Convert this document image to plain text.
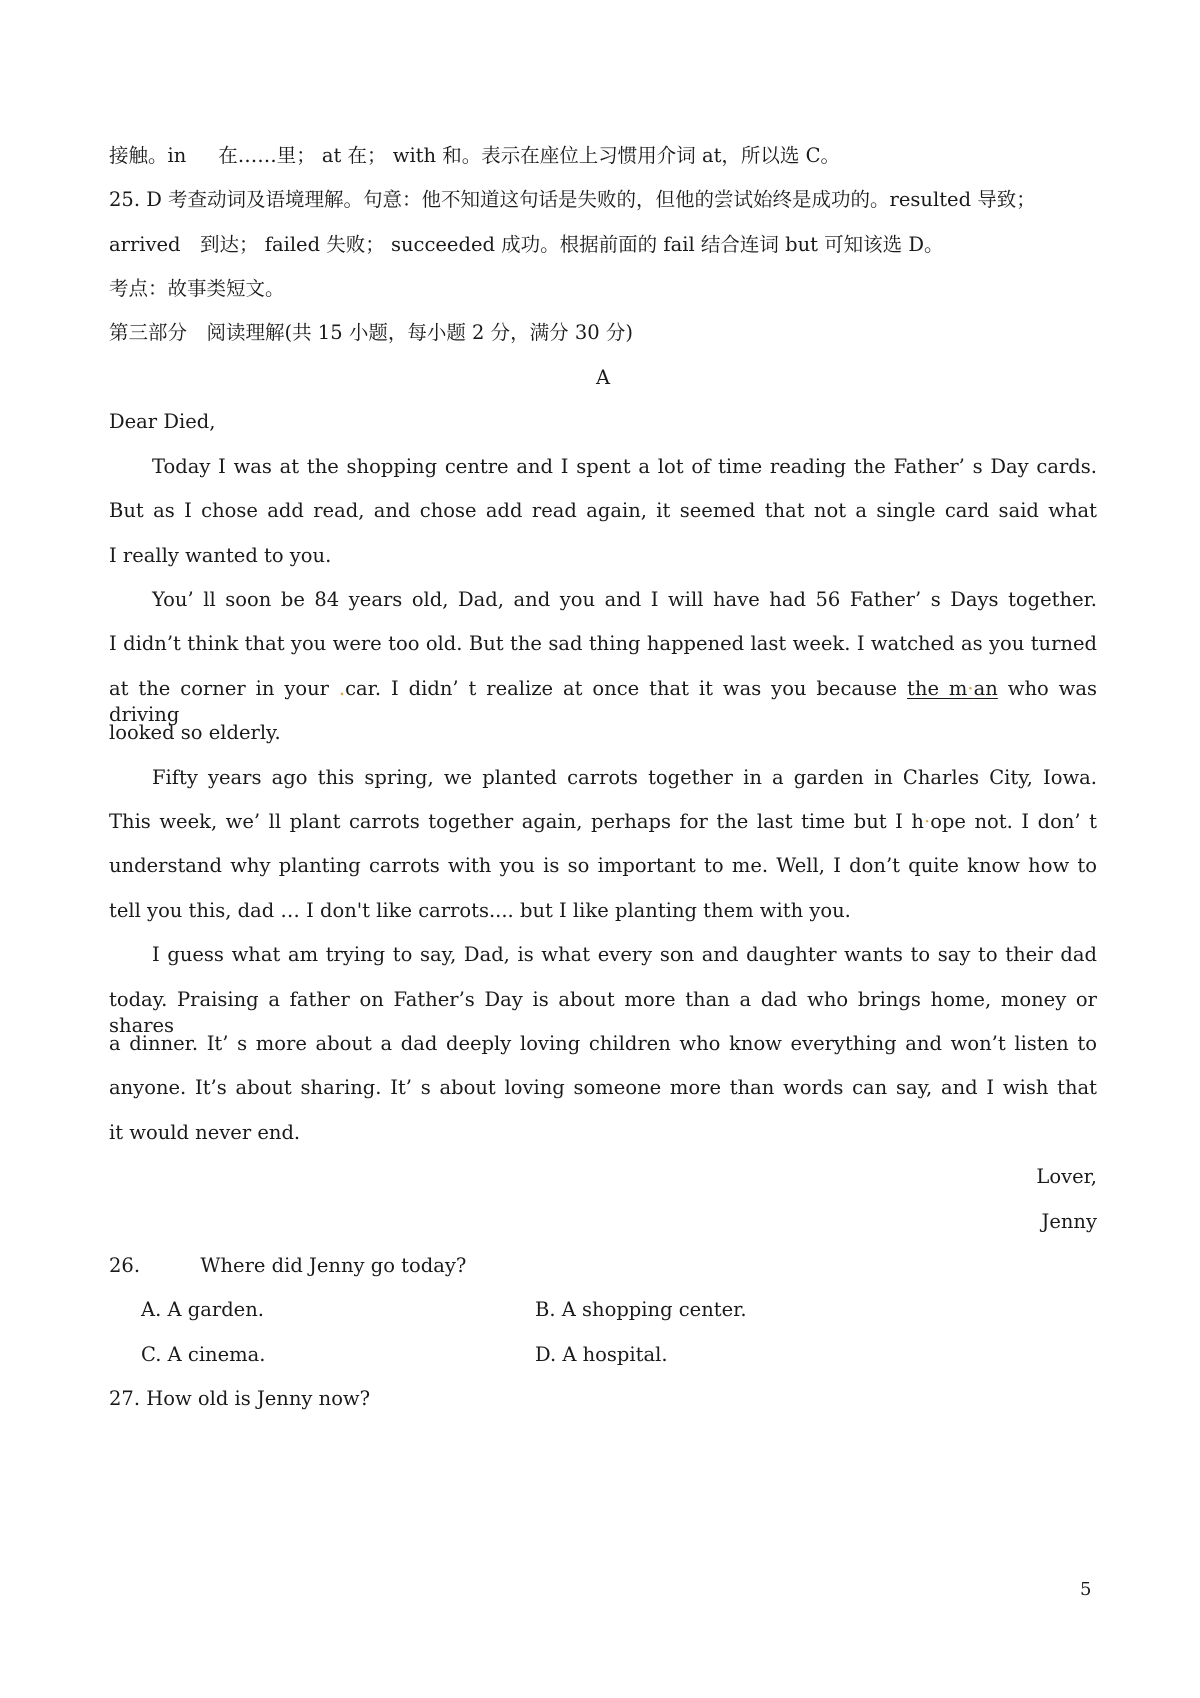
接触。in 　 在……里； at 在； with 和。表示在座位上习惯用介词 at，所以选 C。
25. D 考查动词及语境理解。句意：他不知道这句话是失败的，但他的尝试始终是成功的。resulted 导致；
arrived　到达； failed 失败； succeeded 成功。根据前面的 fail 结合连词 but 可知该选 D。
考点：故事类短文。
第三部分　阅读理解(共 15 小题，每小题 2 分，满分 30 分)
A
Dear Died,
Today I was at the shopping centre and I spent a lot of time reading the Father’ s Day cards.
But as I chose add read, and chose add read again, it seemed that not a single card said what
I really wanted to you.
You’ ll soon be 84 years old, Dad, and you and I will have had 56 Father’ s Days together.
I didn’t think that you were too old. But the sad thing happened last week. I watched as you turned
at the corner in your .car. I didn’ t realize at once that it was you because the m·an who was driving
looked so elderly.
Fifty years ago this spring, we planted carrots together in a garden in Charles City, Iowa.
This week, we’ ll plant carrots together again, perhaps for the last time but I h·ope not. I don’ t
understand why planting carrots with you is so important to me. Well, I don’t quite know how to
tell you this, dad … I don't like carrots.... but I like planting them with you.
I guess what am trying to say, Dad, is what every son and daughter wants to say to their dad
today. Praising a father on Father’s Day is about more than a dad who brings home, money or shares
a dinner. It’ s more about a dad deeply loving children who know everything and won’t listen to
anyone. It’s about sharing. It’ s about loving someone more than words can say, and I wish that
it would never end.
Lover,
Jenny
26.	Where did Jenny go today?
A. A garden.	B. A shopping center.
C. A cinema.	D. A hospital.
27. How old is Jenny now?
5
